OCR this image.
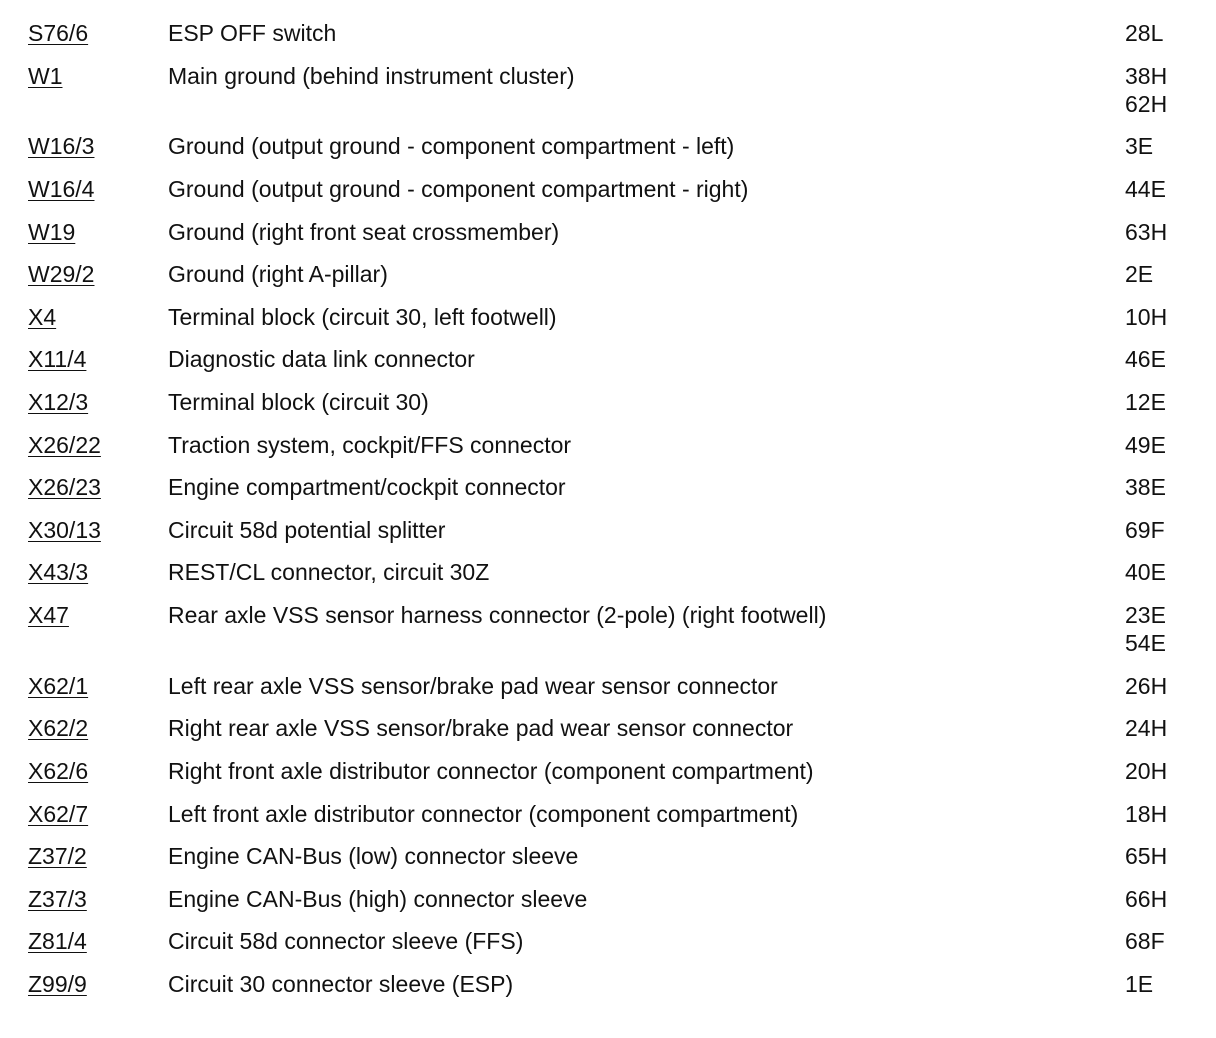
S76/6	ESP OFF switch	28L
W1	Main ground (behind instrument cluster)	38H
62H
W16/3	Ground (output ground - component compartment - left)	3E
W16/4	Ground (output ground - component compartment - right)	44E
W19	Ground (right front seat crossmember)	63H
W29/2	Ground (right A-pillar)	2E
X4	Terminal block (circuit 30, left footwell)	10H
X11/4	Diagnostic data link connector	46E
X12/3	Terminal block (circuit 30)	12E
X26/22	Traction system, cockpit/FFS connector	49E
X26/23	Engine compartment/cockpit connector	38E
X30/13	Circuit 58d potential splitter	69F
X43/3	REST/CL connector, circuit 30Z	40E
X47	Rear axle VSS sensor harness connector (2-pole) (right footwell)	23E
54E
X62/1	Left rear axle VSS sensor/brake pad wear sensor connector	26H
X62/2	Right rear axle VSS sensor/brake pad wear sensor connector	24H
X62/6	Right front axle distributor connector (component compartment)	20H
X62/7	Left front axle distributor connector (component compartment)	18H
Z37/2	Engine CAN-Bus (low) connector sleeve	65H
Z37/3	Engine CAN-Bus (high) connector sleeve	66H
Z81/4	Circuit 58d connector sleeve (FFS)	68F
Z99/9	Circuit 30 connector sleeve (ESP)	1E
